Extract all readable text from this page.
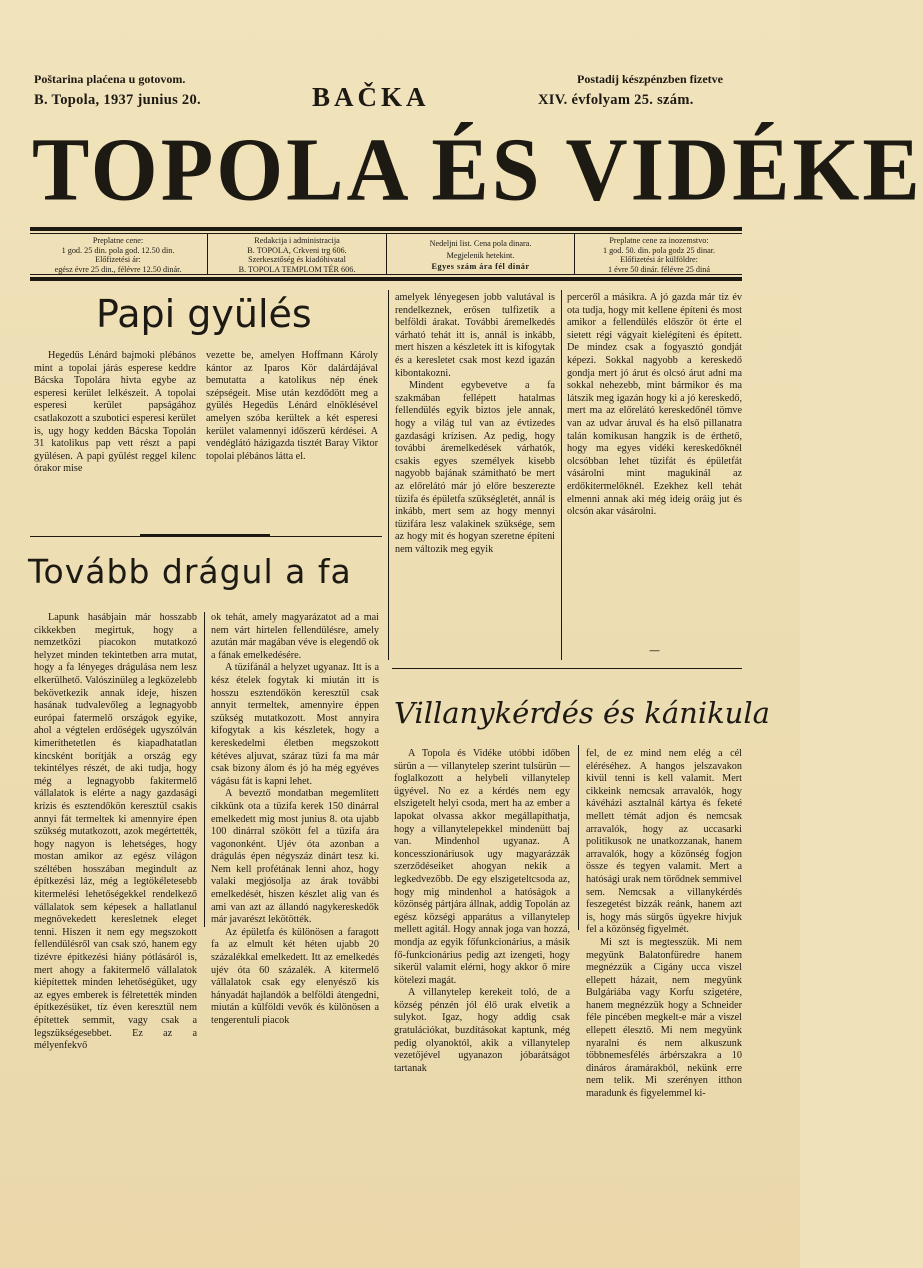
Poštarina plaćena u gotovom.
B. Topola, 1937 junius 20.	BAČKA
Postadij készpénzben fizetve
XIV. évfolyam 25. szám.
TOPOLA ÉS VIDÉKE
Preplatne cene:
1 god. 25 din. pola god. 12.50 din.
Előfizetési ár:
egész évre 25 din., félévre 12.50 dinár.
Redakcija i administracija
B. TOPOLA, Crkveni trg 606.
Szerkesztőség és kiadóhivatal
B. TOPOLA TEMPLOM TÉR 606.
Nedeljni list. Cena pola dinara.
Megjelenik hetekint.
Egyes szám ára fél dinár
Preplatne cene za inozemstvo:
1 god. 50. din. pola godz 25 dinar.
Előfizetési ár külföldre:
1 évre 50 dinár. félévre 25 diná
Papi gyülés

Hegedüs Lénárd bajmoki plébános mint a topolai járás esperese keddre Bácska Topolára hivta egybe az esperesi kerület lelkészeit. A topolai esperesi kerület papságához csatlakozott a szubotici esperesi kerület is, ugy hogy kedden Bácska Topolán 31 katolikus pap vett részt a papi gyülésen. A papi gyülést reggel kilenc órakor mise

vezette be, amelyen Hoffmann Károly kántor az Iparos Kör dalárdájával bemutatta a katolikus nép ének szépségeit. Mise után kezdődött meg a gyülés Hegedüs Lénárd elnöklésével amelyen szóba kerültek a két esperesi kerület valamennyi időszerü kérdései. A vendéglátó házigazda tisztét Baray Viktor topolai plébános látta el.

Tovább drágul a fa

Lapunk hasábjain már hosszabb cikkekben megirtuk, hogy a nemzetközi piacokon mutatkozó helyzet minden tekintetben arra mutat, hogy a fa lényeges drágulása nem lesz elkerülhető. Valószinüleg a legközelebb bekövetkezik annak ideje, hiszen hasának tudvalevőleg a legnagyobb európai fatermelő országok egyike, ahol a végtelen erdőségek ugyszólván kimeríthetetlen és kiapadhatatlan kincsként borítják a ország egy tekintélyes részét, de aki tudja, hogy még a legnagyobb fakitermelő vállalatok is elérte a nagy gazdasági krízis és esztendőkön keresztül csakis annyi fát termeltek ki amennyire épen szükség mutatkozott, azok megértették, hogy nagyon is lehetséges, hogy mostan amikor az egész világon széltében hosszában megindult az építkezési láz, még a legtökéletesebb kitermelési lehetőségekkel rendelkező vállalatok sem képesek a hallatlanul megnövekedett keresletnek eleget tenni. Hiszen it nem egy megszokott fellendülésről van csak szó, hanem egy tizévre építkezési hiány pótlásáról is, mert ahogy a fakitermelő vállalatok kiépítettek minden lehetőségüket, ugy az egyes emberek is félretették minden építkezésüket, tíz éven keresztül nem építettek semmit, vagy csak a legszükségesebbet. Ez az a mélyenfekvő

ok tehát, amely magyarázatot ad a mai nem várt hirtelen fellendülésre, amely azután már magában véve is elegendő ok a fának emelkedésére.

A tüzifánál a helyzet ugyanaz. Itt is a kész ételek fogytak ki miután itt is hosszu esztendőkön keresztül csak annyit termeltek, amennyire éppen szükség mutatkozott. Most annyira kifogytak a kis készletek, hogy a kereskedelmi életben megszokott kétéves aljuvat, száraz tüzi fa ma már csak bizony álom és jó ha még egyéves vágásu fát is kapni lehet.

A beveztő mondatban megemlített cikkünk ota a tüzifa kerek 150 dinárral emelkedett mig most junius 8. ota ujabb 100 dinárral szökött fel a tüzifa ára vagononként. Ujév óta azonban a drágulás épen négyszáz dinárt tesz ki. Nem kell profétának lenni ahoz, hogy valaki megjósolja az árak további emelkedését, hiszen készlet alig van és ami van azt az állandó nagykereskedők már javarészt lekötötték.

Az épületfa és különösen a faragott fa az elmult két héten ujabb 20 százalékkal emelkedett. Itt az emelkedés ujév óta 60 százalék. A kitermelő vállalatok csak egy elenyésző kis hányadát hajlandók a belföldi átengedni, miután a külföldi vevők és különösen a tengerentuli piacok

amelyek lényegesen jobb valutával is rendelkeznek, erősen tulfizetik a belföldi árakat. További áremelkedés várható tehát itt is, annál is inkább, mert hiszen a készletek itt is kifogytak és a keresletet csak most kezd igazán kibontakozni.

Mindent egybevetve a fa szakmában fellépett hatalmas fellendülés egyik biztos jele annak, hogy a világ tul van az évtizedes gazdasági krízisen. Az pedig, hogy további áremelkedések várhatók, csakis egyes személyek kisebb nagyobb bajának számitható be mert az előrelátó már jó előre beszerezte tüzifa és épületfa szükségletét, annál is inkább, mert sem az hogy mennyi tüzifára lesz valakinek szüksége, sem az hogy mit és hogyan szeretne építeni nem változik meg egyik

perceről a másikra. A jó gazda már tiz év ota tudja, hogy mit kellene építeni és most amikor a fellendülés először öt érte el sietett régi vágyait kielégíteni és épített. De mindez csak a fogyasztó gondját képezi. Sokkal nagyobb a kereskedő gondja mert jó árut és olcsó árut adni ma sokkal nehezebb, mint bármikor és ma látszik meg igazán hogy ki a jó kereskedő, mert ma az előrelátó kereskedőnél tömve van az udvar áruval és ha első pillanatra talán komikusan hangzik is de érthető, hogy ma egyes vidéki kereskedőknél olcsóbban lehet tüzifát és épületfát vásárolni mint magukinál az erdőkitermelőknél. Ezekhez kell tehát elmenni annak aki még ideig oráig jut és olcsón akar vásárolni.

—
Villanykérdés és kánikula

A Topola és Vidéke utóbbi időben sürün a — villanytelep szerint tulsürün — foglalkozott a helybeli villanytelep ügyével. No ez a kérdés nem egy elszigetelt helyi csoda, mert ha az ember a lapokat olvassa akkor megállapíthatja, hogy a villanytelepekkel mindenütt baj van. Mindenhol ugyanaz. A koncesszionáriusok ugy magyarázzák szerződéseiket ahogyan nekik a legkedvezőbb. De egy elszigeteltcsoda az, hogy mig mindenhol a hatóságok a közönség pártjára állnak, addig Topolán az egész községi apparátus a villanytelep mellett agitál. Hogy annak joga van hozzá, mondja az egyik főfunkcionárius, a másik fő-funkcionárius pedig azt izengeti, hogy sikerül valamit elérni, hogy akkor ő mire kötelezi magát.

A villanytelep kerekeit toló, de a község pénzén jól élő urak elvetik a sulykot. Igaz, hogy addig csak gratulációkat, buzdításokat kaptunk, még pedig olyanoktól, akik a villanytelep vezetőjével ugyanazon jóbarátságot tartanak

fel, de ez mind nem elég a cél eléréséhez. A hangos jelszavakon kivül tenni is kell valamit. Mert cikkeink nemcsak arravalók, hogy kávéházi asztalnál kártya és feketé mellett témát adjon és nemcsak arravalók, hogy az uccasarki politikusok ne unatkozzanak, hanem arravalók, hogy a közönség fogjon össze és tegyen valamit. Mert a hatósági urak nem törődnek semmivel sem. Nemcsak a villanykérdés feszegetést bizzák reánk, hanem azt is, hogy más sürgős ügyekre hivjuk fel a közönség figyelmét.

Mi szt is megtesszük. Mi nem megyünk Balatonfüredre hanem megnézzük a Cigány ucca viszel ellepett házait, nem megyünk Bulgáriába vagy Korfu szigetére, hanem megnézzük hogy a Schneider féle pincében megkelt-e már a viszel ellepett élesztő. Mi nem megyünk nyaralni és nem alkuszunk többnemesfélés árbérszakra a 10 dináros áramárakból, nekünk erre nem telik. Mi szerényen itthon maradunk és figyelemmel ki-
